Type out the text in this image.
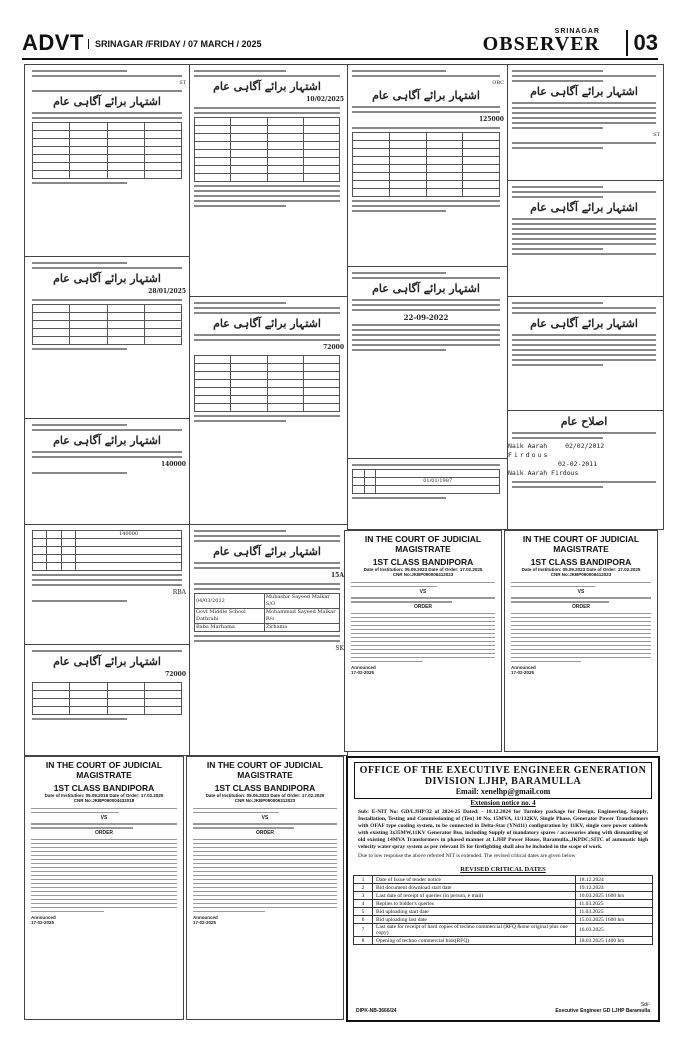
ADVT	SRINAGAR /FRIDAY / 07 MARCH / 2025
SRINAGAR
OBSERVER	03
اشتہار برائے آگاہی عام
ST
اشتہار برائے آگاہی عام
اشتہار برائے آگاہی عام
اصلاح عام
Naik Aarah	02/02/2012
Firdous
02-02-2011
Naik Aarah Firdous
OBC
اشتہار برائے آگاہی عام
125000

اشتہار برائے آگاہی عام
22-09-2022

01/01/1987		

اشتہار برائے آگاہی عام
10/02/2025

اشتہار برائے آگاہی عام
72000

اشتہار برائے آگاہی عام
15A
04/03/2012	Mubashir Sayeed Malkar S/O
Govt Middle School Dathrahi	Mohammad Sayeed Malkar R/o
Baba Marhama	Zirhama
SK
ST
اشتہار برائے آگاہی عام

اشتہار برائے آگاہی عام
28/01/2025

اشتہار برائے آگاہی عام
140000
140000			

RBA
اشتہار برائے آگاہی عام
72000

IN THE COURT OF JUDICIAL MAGISTRATE
1ST CLASS BANDIPORA
Date of Institution: 05.09.2023 Date of Order: 17.02.2025
CNR No:JKBP090006412023
VS
ORDER
Announced
17-02-2025
IN THE COURT OF JUDICIAL MAGISTRATE
1ST CLASS BANDIPORA
Date of Institution: 05.09.2023 Date of Order: 17.02.2025
CNR No:JKBP090006412023
VS
ORDER
Announced
17-02-2025
IN THE COURT OF JUDICIAL MAGISTRATE
1ST CLASS BANDIPORA
Date of Institution: 05.08.2018 Date of Order: 17.02.2025
CNR No:JKBP090004432018
VS
ORDER
Announced
17-02-2025
IN THE COURT OF JUDICIAL MAGISTRATE
1ST CLASS BANDIPORA
Date of Institution: 05.06.2023 Date of Order: 17.02.2025
CNR No:JKBP090006312023
VS
ORDER
Announced
17-02-2025
OFFICE OF THE EXECUTIVE ENGINEER GENERATION
DIVISION LJHP, BARAMULLA
Email: xenelhp@gmail.com
Extension notice no. 4
Sub: E-NIT No: GD/LJHP/32 of 2024-25 Dated: - 18.12.2024 for Turnkey package for Design, Engineering, Supply, Installation, Testing and Commissioning of (Ten) 10 No. 15MVA, 11/132KV, Single Phase, Generator Power Transformers with OFAF type cooling system, to be connected in Delta-Star (YNd11) configuration by 11KV, single core power cables& with existing 3x35MW,11KV Generator Bus, including Supply of mandatory spares / accessories along with dismantling of old existing 14MVA Transformers in phased manner at LJHP Power House, Baramulla.,JKPDC;SITC of automatic high velocity water spray system as per relevant IS for firefighting shall also be included in the scope of work.
Due to low response the above referred NIT is extended. The revised critical dates are given below
REVISED CRITICAL DATES
1	Date of Issue of tender notice	18.12.2024
2	Bid document download start date	19.12.2024
3	Last date of receipt of queries (in person, e mail)	10.03.2025 1600 hrs
4	Replies to bidder's queries	11.03.2025
5	Bid uploading start date	11.03.2025
6	Bid uploading last date	15.03.2025 1600 hrs
7	Last date for receipt of hard copies of techno commercial (RFQ &one original plus one copy)	16.03.2025
8	Opening of techno commercial bids(RFQ)	18.03.2025 1400 hrs
DIPK-NB-3666/24
Sd/-
Executive Engineer GD LJHP Baramulla
